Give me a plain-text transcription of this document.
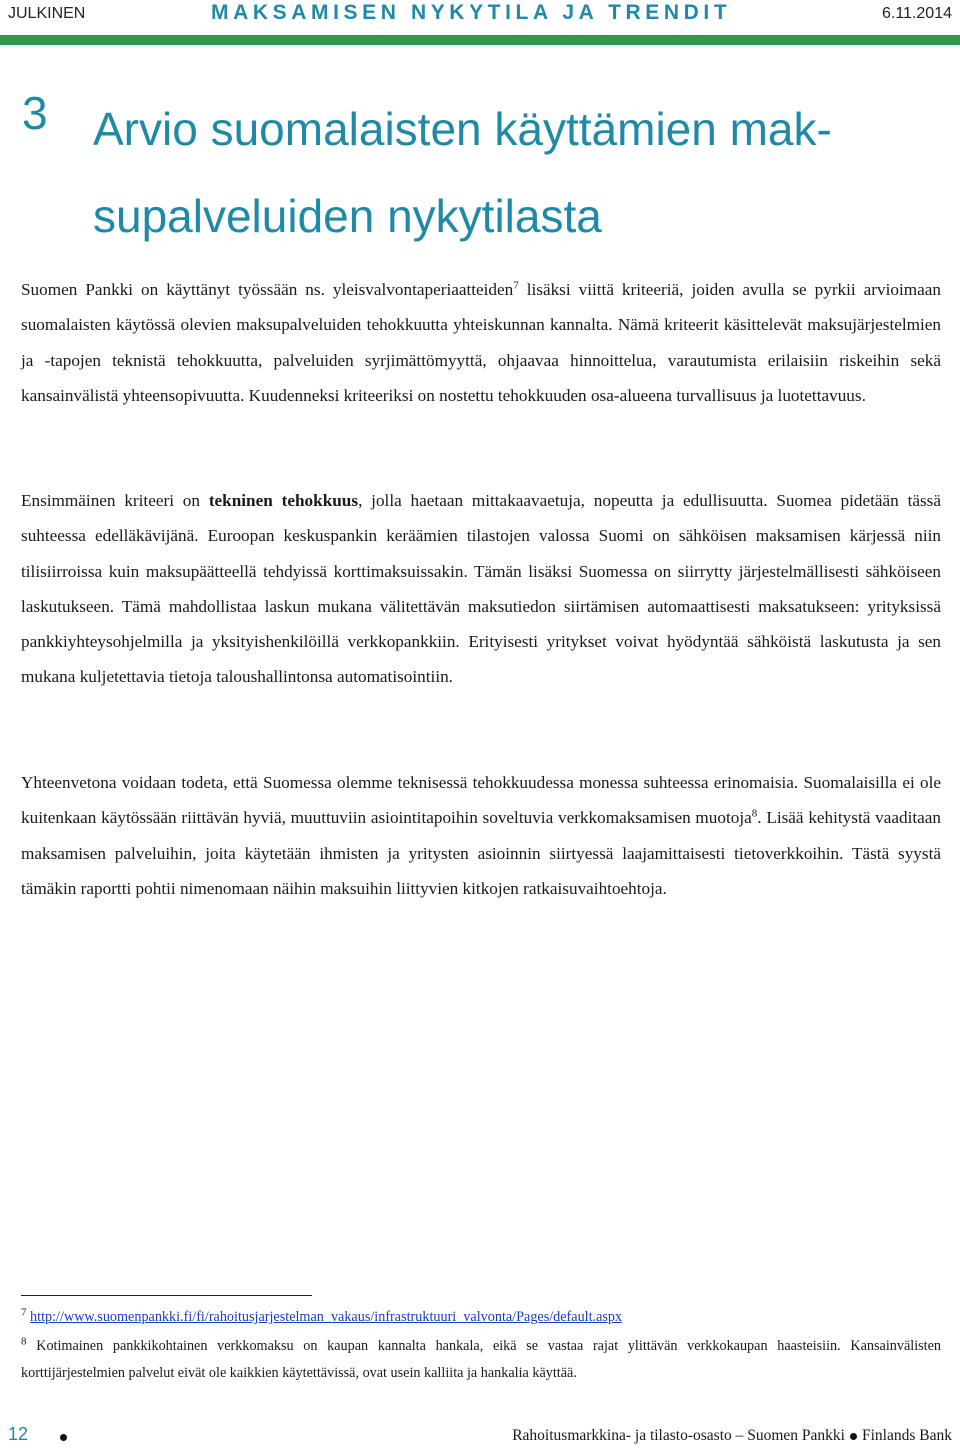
JULKINEN	MAKSAMISEN NYKYTILA JA TRENDIT	6.11.2014
3 Arvio suomalaisten käyttämien mak-
supalveluiden nykytilasta

Suomen Pankki on käyttänyt työssään ns. yleisvalvontaperiaatteiden$^7$ lisäksi viittä kriteeriä, joiden avulla se pyrkii arvioimaan suomalaisten käytössä olevien maksupalveluiden tehokkuutta yhteiskunnan kannalta. Nämä kriteerit käsittelevät maksujärjestelmien ja -tapojen teknistä tehokkuutta, palveluiden syrjimättömyyttä, ohjaavaa hinnoittelua, varautumista erilaisiin riskeihin sekä kansainvälistä yhteensopivuutta. Kuudenneksi kriteeriksi on nostettu tehokkuuden osa-alueena turvallisuus ja luotettavuus.

Ensimmäinen kriteeri on tekninen tehokkuus, jolla haetaan mittakaavaetuja, nopeutta ja edullisuutta. Suomea pidetään tässä suhteessa edelläkävijänä. Euroopan keskuspankin keräämien tilastojen valossa Suomi on sähköisen maksamisen kärjessä niin tilisiirroissa kuin maksupäätteellä tehdyissä korttimaksuissakin. Tämän lisäksi Suomessa on siirrytty järjestelmällisesti sähköiseen laskutukseen. Tämä mahdollistaa laskun mukana välitettävän maksutiedon siirtämisen automaattisesti maksatukseen: yrityksissä pankkiyhteysohjelmilla ja yksityishenkilöillä verkkopankkiin. Erityisesti yritykset voivat hyödyntää sähköistä laskutusta ja sen mukana kuljetettavia tietoja taloushallintonsa automatisointiin.

Yhteenvetona voidaan todeta, että Suomessa olemme teknisessä tehokkuudessa monessa suhteessa erinomaisia. Suomalaisilla ei ole kuitenkaan käytössään riittävän hyviä, muuttuviin asiointitapoihin soveltuvia verkkomaksamisen muotoja$^8$. Lisää kehitystä vaaditaan maksamisen palveluihin, joita käytetään ihmisten ja yritysten asioinnin siirtyessä laajamittaisesti tietoverkkoihin. Tästä syystä tämäkin raportti pohtii nimenomaan näihin maksuihin liittyvien kitkojen ratkaisuvaihtoehtoja.

$^7$ http://www.suomenpankki.fi/fi/rahoitusjarjestelman_vakaus/infrastruktuuri_valvonta/Pages/default.aspx

$^8$ Kotimainen pankkikohtainen verkkomaksu on kaupan kannalta hankala, eikä se vastaa rajat ylittävän verkkokaupan haasteisiin. Kansainvälisten korttijärjestelmien palvelut eivät ole kaikkien käytettävissä, ovat usein kalliita ja hankalia käyttää.

12	Rahoitusmarkkina- ja tilasto-osasto – Suomen Pankki Finlands Bank
